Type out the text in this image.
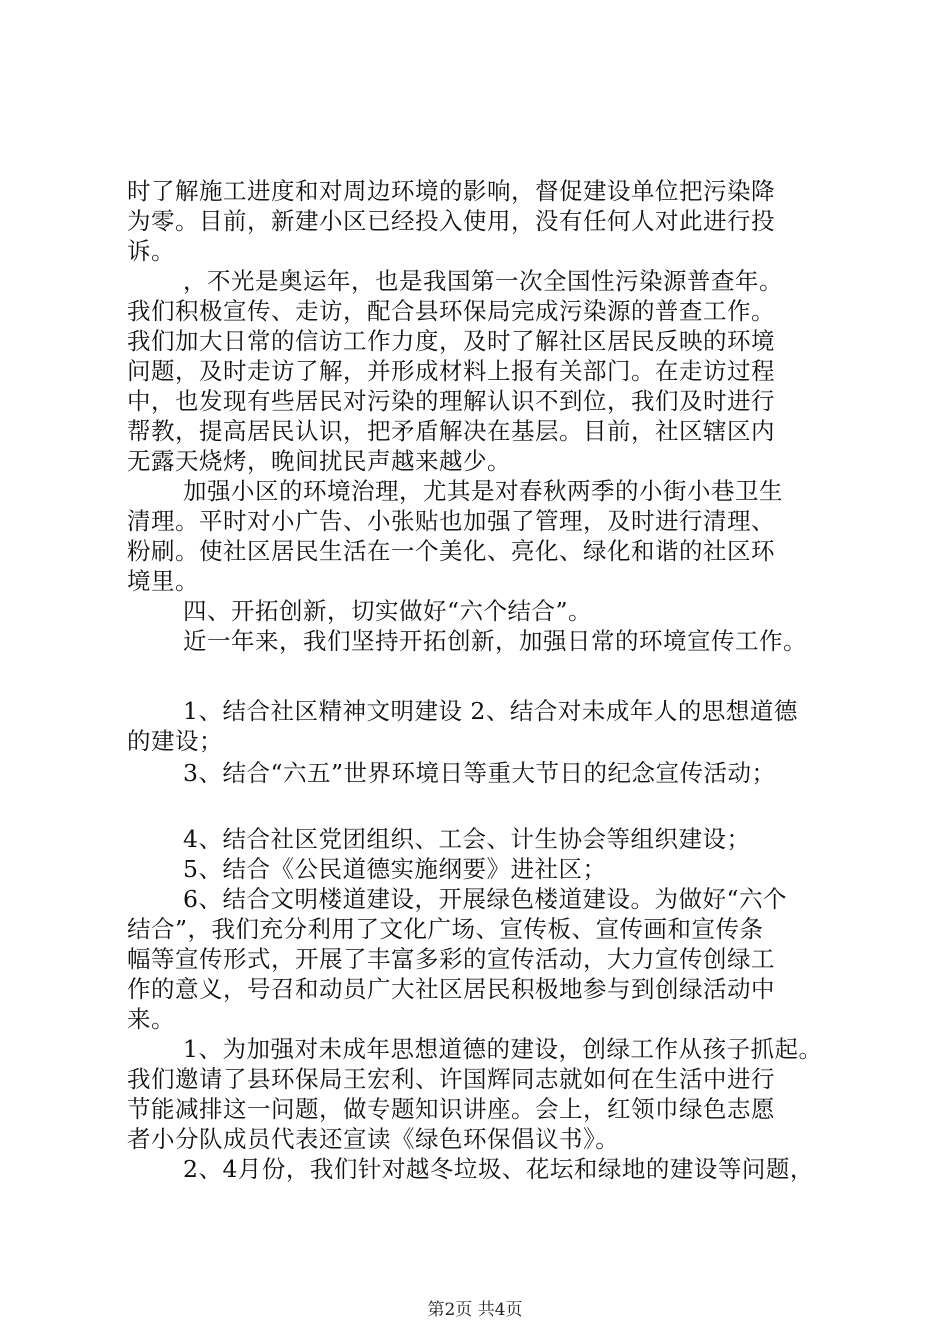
时了解施工进度和对周边环境的影响，督促建设单位把污染降
为零。目前，新建小区已经投入使用，没有任何人对此进行投
诉。
，不光是奥运年，也是我国第一次全国性污染源普查年。
我们积极宣传、走访，配合县环保局完成污染源的普查工作。
我们加大日常的信访工作力度，及时了解社区居民反映的环境
问题，及时走访了解，并形成材料上报有关部门。在走访过程
中，也发现有些居民对污染的理解认识不到位，我们及时进行
帮教，提高居民认识，把矛盾解决在基层。目前，社区辖区内
无露天烧烤，晚间扰民声越来越少。
加强小区的环境治理，尤其是对春秋两季的小街小巷卫生
清理。平时对小广告、小张贴也加强了管理，及时进行清理、
粉刷。使社区居民生活在一个美化、亮化、绿化和谐的社区环
境里。
四、开拓创新，切实做好“六个结合”。
近一年来，我们坚持开拓创新，加强日常的环境宣传工作。
1、结合社区精神文明建设 2、结合对未成年人的思想道德
的建设；
3、结合“六五”世界环境日等重大节日的纪念宣传活动；
4、结合社区党团组织、工会、计生协会等组织建设；
5、结合《公民道德实施纲要》进社区；
6、结合文明楼道建设，开展绿色楼道建设。为做好“六个
结合”，我们充分利用了文化广场、宣传板、宣传画和宣传条
幅等宣传形式，开展了丰富多彩的宣传活动，大力宣传创绿工
作的意义，号召和动员广大社区居民积极地参与到创绿活动中
来。
1、为加强对未成年思想道德的建设，创绿工作从孩子抓起。
我们邀请了县环保局王宏利、许国辉同志就如何在生活中进行
节能减排这一问题，做专题知识讲座。会上，红领巾绿色志愿
者小分队成员代表还宣读《绿色环保倡议书》。
2、4月份，我们针对越冬垃圾、花坛和绿地的建设等问题，
第2页 共4页
